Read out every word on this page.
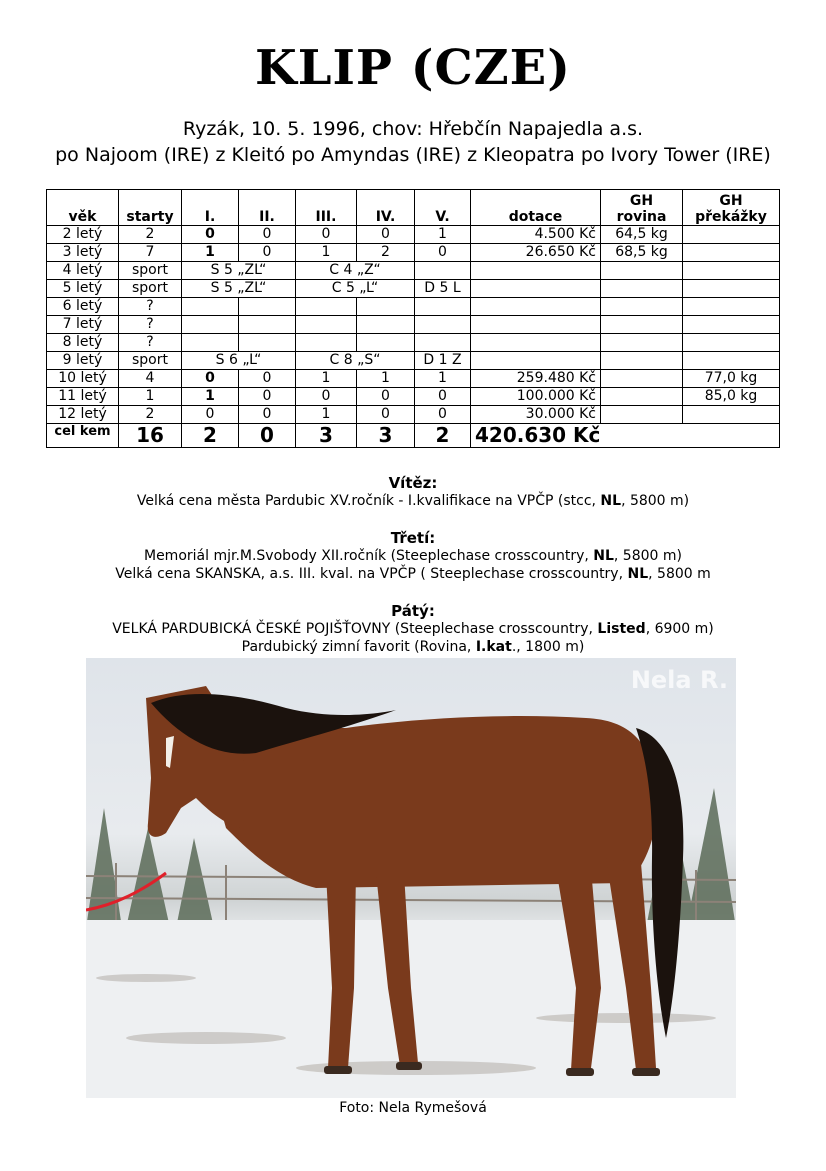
KLIP (CZE)
Ryzák, 10. 5. 1996, chov: Hřebčín Napajedla a.s.
po Najoom (IRE) z Kleitó po Amyndas (IRE) z Kleopatra po Ivory Tower (IRE)
věk	starty	I.	II.	III.	IV.	V.	dotace	GH rovina	GH překážky
2 letý	2	0	0	0	0	1	4.500 Kč	64,5 kg	
3 letý	7	1	0	1	2	0	26.650 Kč	68,5 kg	
4 letý	sport	S 5 „ZL“		C 4 „Z“					
5 letý	sport	S 5 „ZL“		C 5 „L“		D 5 L			
6 letý	?								
7 letý	?								
8 letý	?								
9 letý	sport	S 6 „L“		C 8 „S“		D 1 Z			
10 letý	4	0	0	1	1	1	259.480 Kč		77,0 kg
11 letý	1	1	0	0	0	0	100.000 Kč		85,0 kg
12 letý	2	0	0	1	0	0	30.000 Kč		
cel kem	16	2	0	3	3	2	420.630 Kč		
Vítěz:
Velká cena města Pardubic XV.ročník - I.kvalifikace na VPČP (stcc, NL, 5800 m)
Třetí:
Memoriál mjr.M.Svobody XII.ročník (Steeplechase crosscountry, NL, 5800 m)
Velká cena SKANSKA, a.s. III. kval. na VPČP ( Steeplechase crosscountry, NL, 5800 m
Pátý:
VELKÁ PARDUBICKÁ ČESKÉ POJIŠŤOVNY (Steeplechase crosscountry, Listed, 6900 m)
Pardubický zimní favorit (Rovina, I.kat., 1800 m)
Nela R.
Foto: Nela Rymešová
